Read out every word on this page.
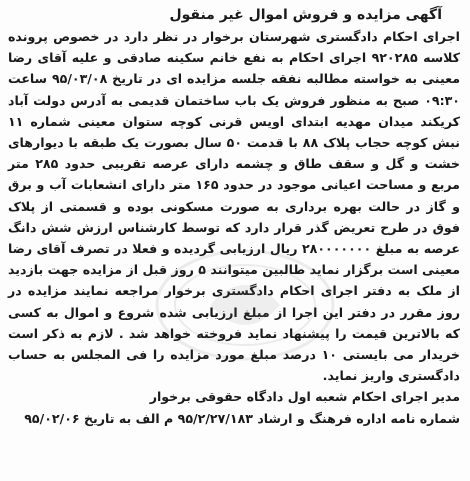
آگهی مزایده و فروش اموال غیر منقول

اجرای احکام دادگستری شهرستان برخوار در نظر دارد در خصوص پرونده کلاسه ۹۲۰۲۸۵ اجرای احکام به نفع خانم سکینه صادقی و علیه آقای رضا معینی به خواسته مطالبه نفقه جلسه مزایده ای در تاریخ ۹۵/۰۳/۰۸ ساعت ۰۹:۳۰ صبح به منظور فروش یک باب ساختمان قدیمی به آدرس دولت آباد کریکند میدان مهدیه ابتدای اویس قرنی کوچه ستوان معینی شماره ۱۱ نبش کوچه حجاب پلاک ۸۸ با قدمت ۵۰ سال بصورت یک طبقه با دیوارهای خشت و گل و سقف طاق و چشمه دارای عرصه تقریبی حدود ۲۸۵ متر مربع و مساحت اعیانی موجود در حدود ۱۶۵ متر دارای انشعابات آب و برق و گاز در حالت بهره برداری به صورت مسکونی بوده و قسمتی از پلاک فوق در طرح تعریض گذر قرار دارد که توسط کارشناس ارزش شش دانگ عرصه به مبلغ ۲۸۰۰۰۰۰۰۰ ریال ارزیابی گردیده و فعلا در تصرف آقای رضا معینی است برگزار نماید طالبین میتوانند ۵ روز قبل از مزایده جهت بازدید از ملک به دفتر اجرای احکام دادگستری برخوار مراجعه نمایند مزایده در روز مقرر در دفتر این اجرا از مبلغ ارزیابی شده شروع و اموال به کسی که بالاترین قیمت را پیشنهاد نماید فروخته خواهد شد . لازم به ذکر است خریدار می بایستی ۱۰ درصد مبلغ مورد مزایده را فی المجلس به حساب دادگستری واریز نماید.

مدیر اجرای احکام شعبه اول دادگاه حقوقی برخوار

شماره نامه اداره فرهنگ و ارشاد ۹۵/۲/۲۷/۱۸۳ م الف به تاریخ ۹۵/۰۲/۰۶
